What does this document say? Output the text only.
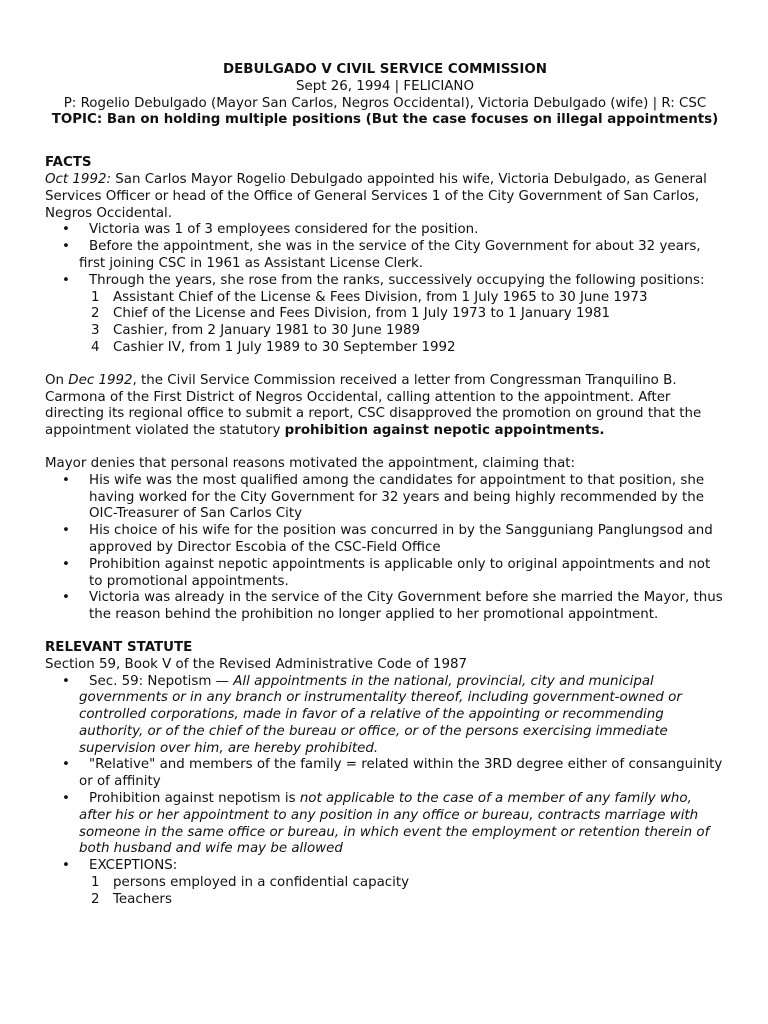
DEBULGADO V CIVIL SERVICE COMMISSION
Sept 26, 1994 | FELICIANO
P: Rogelio Debulgado (Mayor San Carlos, Negros Occidental), Victoria Debulgado (wife) | R: CSC
TOPIC: Ban on holding multiple positions (But the case focuses on illegal appointments)
FACTS
Oct 1992: San Carlos Mayor Rogelio Debulgado appointed his wife, Victoria Debulgado, as General Services Officer or head of the Office of General Services 1 of the City Government of San Carlos, Negros Occidental.
• Victoria was 1 of 3 employees considered for the position.
• Before the appointment, she was in the service of the City Government for about 32 years, first joining CSC in 1961 as Assistant License Clerk.
• Through the years, she rose from the ranks, successively occupying the following positions:
1 Assistant Chief of the License & Fees Division, from 1 July 1965 to 30 June 1973
2 Chief of the License and Fees Division, from 1 July 1973 to 1 January 1981
3 Cashier, from 2 January 1981 to 30 June 1989
4 Cashier IV, from 1 July 1989 to 30 September 1992
On Dec 1992, the Civil Service Commission received a letter from Congressman Tranquilino B. Carmona of the First District of Negros Occidental, calling attention to the appointment. After directing its regional office to submit a report, CSC disapproved the promotion on ground that the appointment violated the statutory prohibition against nepotic appointments.
Mayor denies that personal reasons motivated the appointment, claiming that:
• His wife was the most qualified among the candidates for appointment to that position, she having worked for the City Government for 32 years and being highly recommended by the OIC-Treasurer of San Carlos City
• His choice of his wife for the position was concurred in by the Sangguniang Panglungsod and approved by Director Escobia of the CSC-Field Office
• Prohibition against nepotic appointments is applicable only to original appointments and not to promotional appointments.
• Victoria was already in the service of the City Government before she married the Mayor, thus the reason behind the prohibition no longer applied to her promotional appointment.
RELEVANT STATUTE
Section 59, Book V of the Revised Administrative Code of 1987
• Sec. 59: Nepotism — All appointments in the national, provincial, city and municipal governments or in any branch or instrumentality thereof, including government-owned or controlled corporations, made in favor of a relative of the appointing or recommending authority, or of the chief of the bureau or office, or of the persons exercising immediate supervision over him, are hereby prohibited.
• "Relative" and members of the family = related within the 3RD degree either of consanguinity or of affinity
• Prohibition against nepotism is not applicable to the case of a member of any family who, after his or her appointment to any position in any office or bureau, contracts marriage with someone in the same office or bureau, in which event the employment or retention therein of both husband and wife may be allowed
• EXCEPTIONS:
1 persons employed in a confidential capacity
2 Teachers
